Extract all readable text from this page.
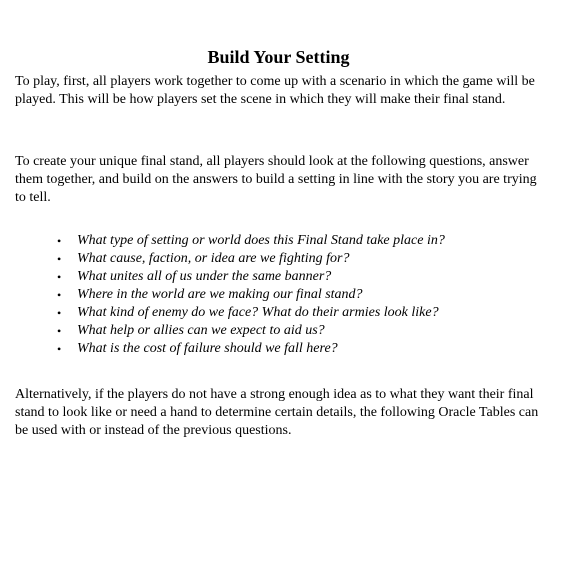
Build Your Setting

To play, first, all players work together to come up with a scenario in which the game will be played. This will be how players set the scene in which they will make their final stand.

To create your unique final stand, all players should look at the following questions, answer them together, and build on the answers to build a setting in line with the story you are trying to tell.

• What type of setting or world does this Final Stand take place in?
• What cause, faction, or idea are we fighting for?
• What unites all of us under the same banner?
• Where in the world are we making our final stand?
• What kind of enemy do we face? What do their armies look like?
• What help or allies can we expect to aid us?
• What is the cost of failure should we fall here?

Alternatively, if the players do not have a strong enough idea as to what they want their final stand to look like or need a hand to determine certain details, the following Oracle Tables can be used with or instead of the previous questions.
